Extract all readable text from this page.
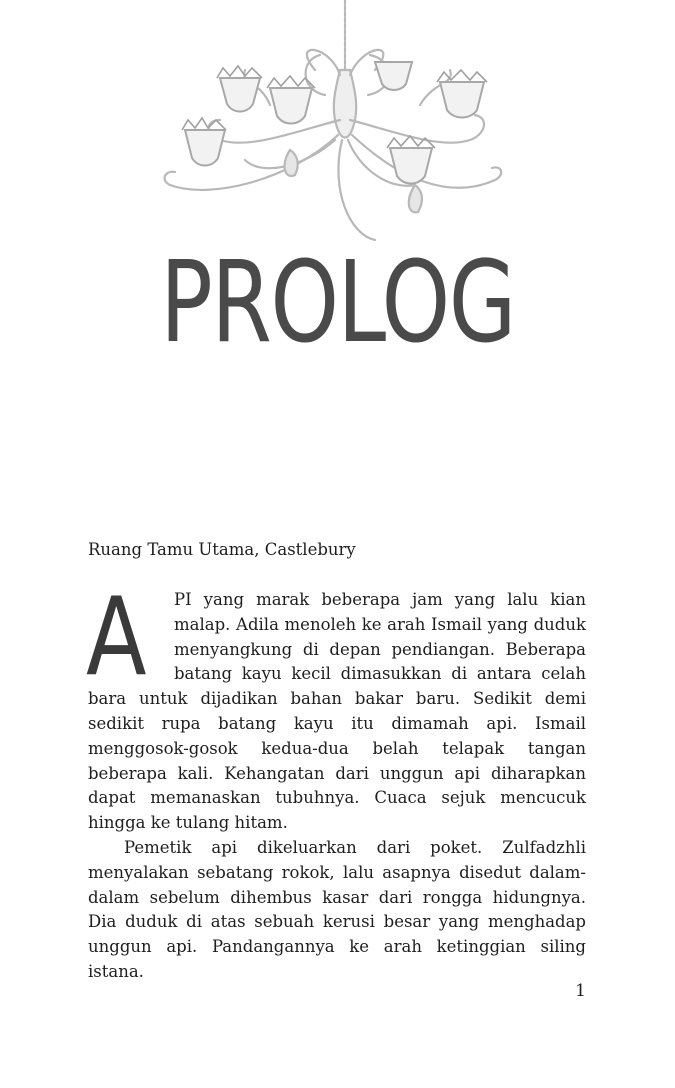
PROLOG
Ruang Tamu Utama, Castlebury

A PI yang marak beberapa jam yang lalu kian malap. Adila menoleh ke arah Ismail yang duduk menyangkung di depan pendiangan. Beberapa batang kayu kecil dimasukkan di antara celah bara untuk dijadikan bahan bakar baru. Sedikit demi sedikit rupa batang kayu itu dimamah api. Ismail menggosok-gosok kedua-dua belah telapak tangan beberapa kali. Kehangatan dari unggun api diharapkan dapat memanaskan tubuhnya. Cuaca sejuk mencucuk hingga ke tulang hitam.

Pemetik api dikeluarkan dari poket. Zulfadzhli menyalakan sebatang rokok, lalu asapnya disedut dalam-dalam sebelum dihembus kasar dari rongga hidungnya. Dia duduk di atas sebuah kerusi besar yang menghadap unggun api. Pandangannya ke arah ketinggian siling istana.

1
